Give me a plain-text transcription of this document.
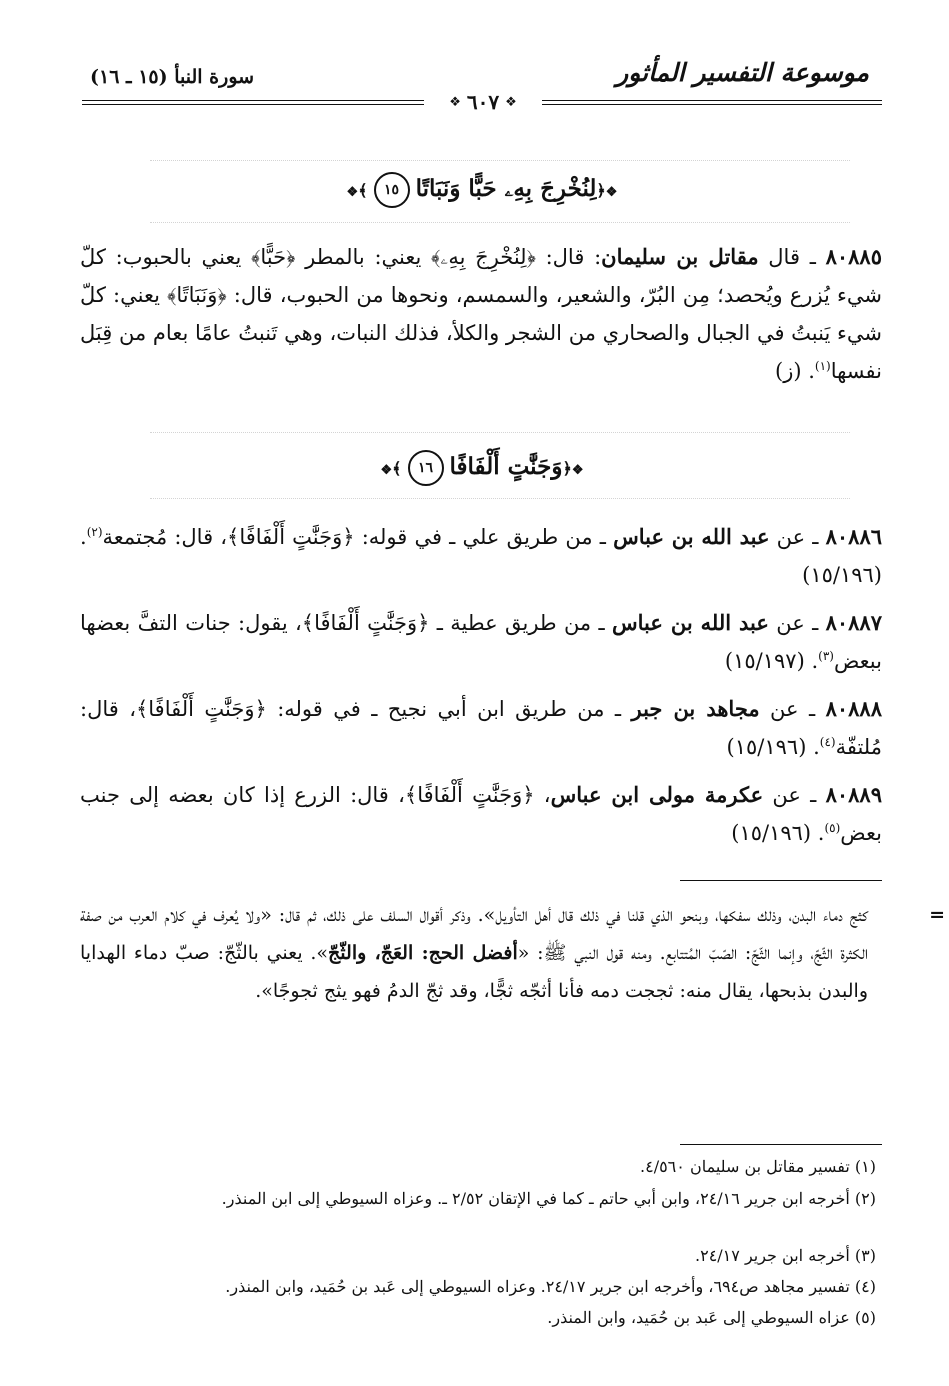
موسوعة التفسير المأثور
سورة النبأ (١٥ ـ ١٦)
❖
٦٠٧
❖
❖﴿لِنُخْرِجَ بِهِۦ حَبًّا وَنَبَاتًا١٥﴾❖
٨٠٨٨٥ ـ قال مقاتل بن سليمان: قال: ﴿لِنُخْرِجَ بِهِۦ﴾ يعني: بالمطر ﴿حَبًّا﴾ يعني بالحبوب: كلّ شيء يُزرع ويُحصد؛ مِن البُرّ، والشعير، والسمسم، ونحوها من الحبوب، قال: ﴿وَنَبَاتًا﴾ يعني: كلّ شيء يَنبتُ في الجبال والصحاري من الشجر والكلأ، فذلك النبات، وهي تَنبتُ عامًا بعام من قِبَل نفسها$^{(١)}$. (ز)
❖﴿وَجَنَّٰتٍ أَلْفَافًا١٦﴾❖
٨٠٨٨٦ ـ عن عبد الله بن عباس ـ من طريق علي ـ في قوله: ﴿وَجَنَّٰتٍ أَلْفَافًا﴾، قال: مُجتمعة$^{(٢)}$. (١٥/١٩٦)
٨٠٨٨٧ ـ عن عبد الله بن عباس ـ من طريق عطية ـ ﴿وَجَنَّٰتٍ أَلْفَافًا﴾، يقول: جنات التفَّ بعضها ببعض$^{(٣)}$. (١٥/١٩٧)
٨٠٨٨٨ ـ عن مجاهد بن جبر ـ من طريق ابن أبي نجيح ـ في قوله: ﴿وَجَنَّٰتٍ أَلْفَافًا﴾، قال: مُلتفّة$^{(٤)}$. (١٥/١٩٦)
٨٠٨٨٩ ـ عن عكرمة مولى ابن عباس، ﴿وَجَنَّٰتٍ أَلْفَافًا﴾، قال: الزرع إذا كان بعضه إلى جنب بعض$^{(٥)}$. (١٥/١٩٦)
=
كثج دماء البدن، وذلك سفكها، وبنحو الذي قلنا في ذلك قال أهل التأويل». وذكر أقوال السلف على ذلك، ثم قال: «ولا يُعرف في كلام العرب من صفة الكثرة الثّجّ، وإنما الثّجّ: الصّبّ المُتتابع. ومنه قول النبي ﷺ: «أفضل الحج: العَجّ، والثّجّ». يعني بالثّجّ: صبّ دماء الهدايا والبدن بذبحها، يقال منه: ثججت دمه فأنا أثجّه ثجًّا، وقد ثجّ الدمُ فهو يثج ثجوجًا».
(١) تفسير مقاتل بن سليمان ٤/٥٦٠.
(٢) أخرجه ابن جرير ٢٤/١٦، وابن أبي حاتم ـ كما في الإتقان ٢/٥٢ ـ. وعزاه السيوطي إلى ابن المنذر.
(٣) أخرجه ابن جرير ٢٤/١٧.
(٤) تفسير مجاهد ص٦٩٤، وأخرجه ابن جرير ٢٤/١٧. وعزاه السيوطي إلى عَبد بن حُمَيد، وابن المنذر.
(٥) عزاه السيوطي إلى عَبد بن حُمَيد، وابن المنذر.
